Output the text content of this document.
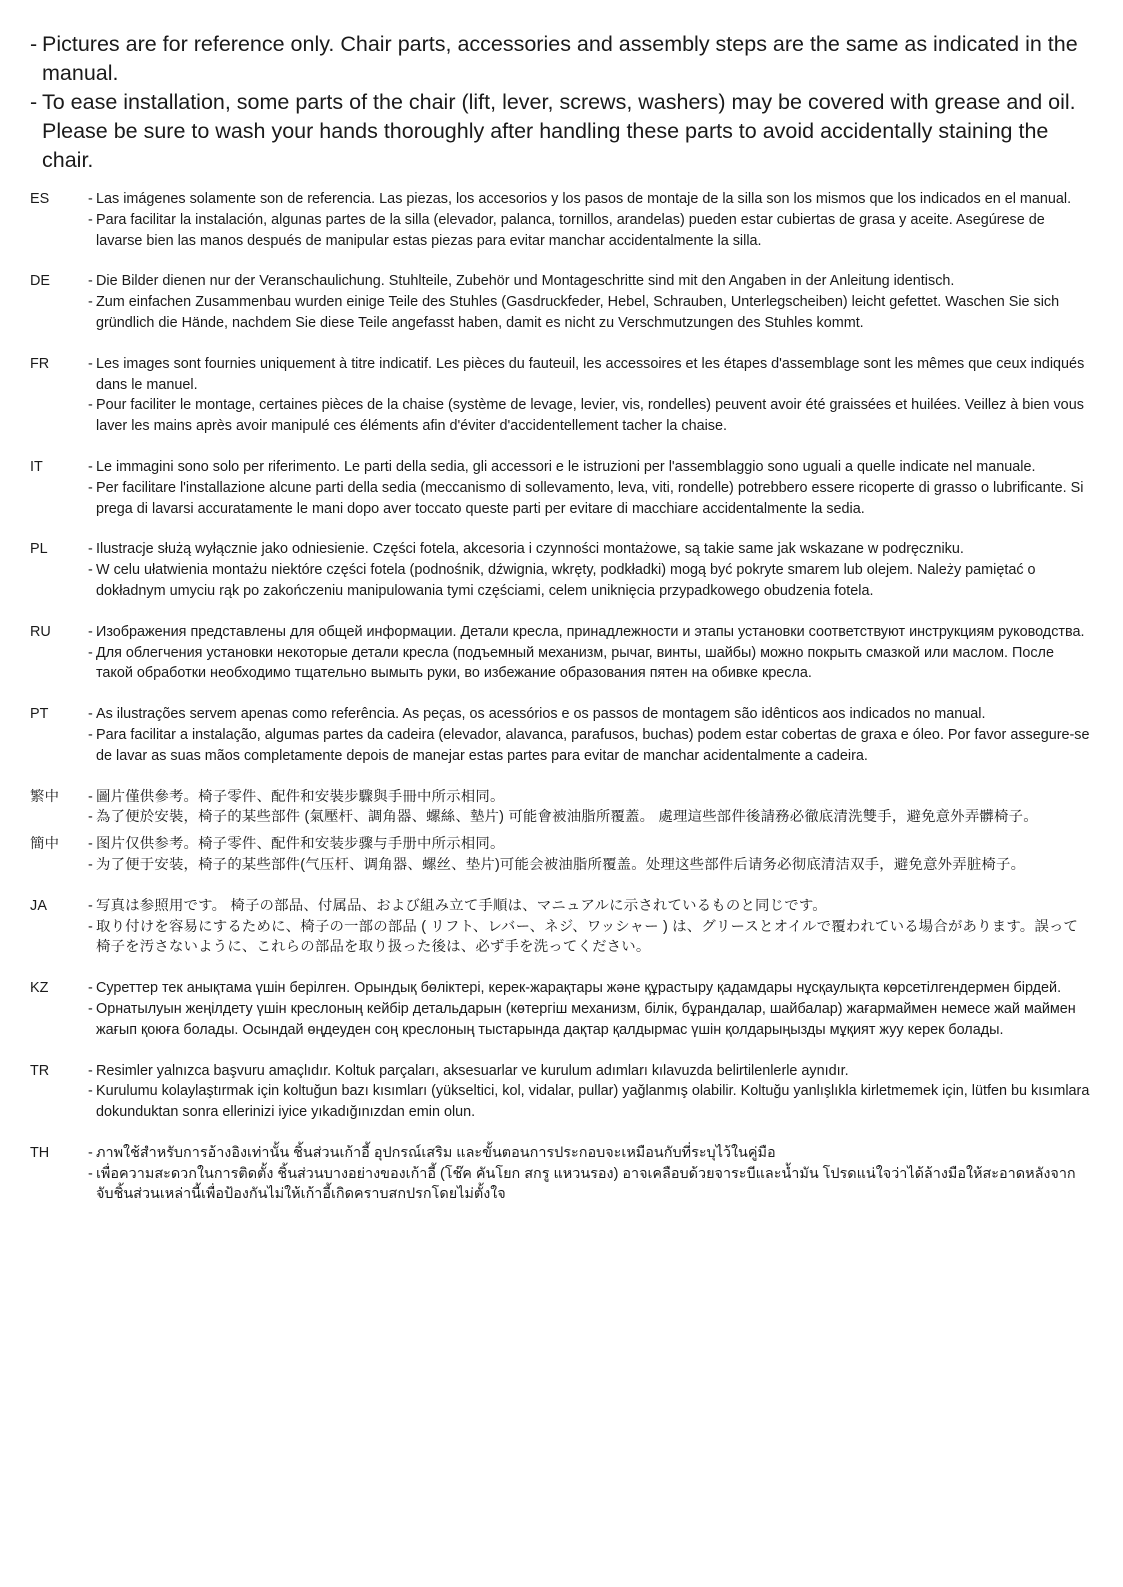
- Pictures are for reference only. Chair parts, accessories and assembly steps are the same as indicated in the manual.
- To ease installation, some parts of the chair (lift, lever, screws, washers) may be covered with grease and oil. Please be sure to wash your hands thoroughly after handling these parts to avoid accidentally staining the chair.
ES	- Las imágenes solamente son de referencia. Las piezas, los accesorios y los pasos de montaje de la silla son los mismos que los indicados en el manual.
- Para facilitar la instalación, algunas partes de la silla (elevador, palanca, tornillos, arandelas) pueden estar cubiertas de grasa y aceite. Asegúrese de lavarse bien las manos después de manipular estas piezas para evitar manchar accidentalmente la silla.
DE	- Die Bilder dienen nur der Veranschaulichung. Stuhlteile, Zubehör und Montageschritte sind mit den Angaben in der Anleitung identisch.
- Zum einfachen Zusammenbau wurden einige Teile des Stuhles (Gasdruckfeder, Hebel, Schrauben, Unterlegscheiben) leicht gefettet. Waschen Sie sich gründlich die Hände, nachdem Sie diese Teile angefasst haben, damit es nicht zu Verschmutzungen des Stuhles kommt.
FR	- Les images sont fournies uniquement à titre indicatif. Les pièces du fauteuil, les accessoires et les étapes d'assemblage sont les mêmes que ceux indiqués dans le manuel.
- Pour faciliter le montage, certaines pièces de la chaise (système de levage, levier, vis, rondelles) peuvent avoir été graissées et huilées. Veillez à bien vous laver les mains après avoir manipulé ces éléments afin d'éviter d'accidentellement tacher la chaise.
IT	- Le immagini sono solo per riferimento. Le parti della sedia, gli accessori e le istruzioni per l'assemblaggio sono uguali a quelle indicate nel manuale.
- Per facilitare l'installazione alcune parti della sedia (meccanismo di sollevamento, leva, viti, rondelle) potrebbero essere ricoperte di grasso o lubrificante. Si prega di lavarsi accuratamente le mani dopo aver toccato queste parti per evitare di macchiare accidentalmente la sedia.
PL	- Ilustracje służą wyłącznie jako odniesienie. Części fotela, akcesoria i czynności montażowe, są takie same jak wskazane w podręczniku.
- W celu ułatwienia montażu niektóre części fotela (podnośnik, dźwignia, wkręty, podkładki) mogą być pokryte smarem lub olejem. Należy pamiętać o dokładnym umyciu rąk po zakończeniu manipulowania tymi częściami, celem uniknięcia przypadkowego obudzenia fotela.
RU	- Изображения представлены для общей информации. Детали кресла, принадлежности и этапы установки соответствуют инструкциям руководства.
- Для облегчения установки некоторые детали кресла (подъемный механизм, рычаг, винты, шайбы) можно покрыть смазкой или маслом. После такой обработки необходимо тщательно вымыть руки, во избежание образования пятен на обивке кресла.
PT	- As ilustrações servem apenas como referência. As peças, os acessórios e os passos de montagem são idênticos aos indicados no manual.
- Para facilitar a instalação, algumas partes da cadeira (elevador, alavanca, parafusos, buchas) podem estar cobertas de graxa e óleo. Por favor assegure-se de lavar as suas mãos completamente depois de manejar estas partes para evitar de manchar acidentalmente a cadeira.
繁中	- 圖片僅供參考。椅子零件、配件和安裝步驟與手冊中所示相同。
- 為了便於安裝，椅子的某些部件 (氣壓杆、調角器、螺絲、墊片) 可能會被油脂所覆蓋。 處理這些部件後請務必徹底清洗雙手，避免意外弄髒椅子。
簡中	- 图片仅供参考。椅子零件、配件和安装步骤与手册中所示相同。
- 为了便于安装，椅子的某些部件(气压杆、调角器、螺丝、垫片)可能会被油脂所覆盖。处理这些部件后请务必彻底清洁双手，避免意外弄脏椅子。
JA	- 写真は参照用です。 椅子の部品、付属品、および組み立て手順は、マニュアルに示されているものと同じです。
- 取り付けを容易にするために、椅子の一部の部品 ( リフト、レバー、ネジ、ワッシャー ) は、グリースとオイルで覆われている場合があります。誤って椅子を汚さないように、これらの部品を取り扱った後は、必ず手を洗ってください。
KZ	- Суреттер тек анықтама үшін берілген. Орындық бөліктері, керек-жарақтары және құрастыру қадамдары нұсқаулықта көрсетілгендермен бірдей.
- Орнатылуын жеңілдету үшін креслоның кейбір детальдарын (көтергіш механизм, білік, бұрандалар, шайбалар) жағармаймен немесе жай маймен жағып қоюға болады. Осындай өңдеуден соң креслоның тыстарында дақтар қалдырмас үшін қолдарыңызды мұқият жуу керек болады.
TR	- Resimler yalnızca başvuru amaçlıdır. Koltuk parçaları, aksesuarlar ve kurulum adımları kılavuzda belirtilenlerle aynıdır.
- Kurulumu kolaylaştırmak için koltuğun bazı kısımları (yükseltici, kol, vidalar, pullar) yağlanmış olabilir. Koltuğu yanlışlıkla kirletmemek için, lütfen bu kısımlara dokunduktan sonra ellerinizi iyice yıkadığınızdan emin olun.
TH	- ภาพใช้สำหรับการอ้างอิงเท่านั้น ชิ้นส่วนเก้าอี้ อุปกรณ์เสริม และขั้นตอนการประกอบจะเหมือนกับที่ระบุไว้ในคู่มือ
- เพื่อความสะดวกในการติดตั้ง ชิ้นส่วนบางอย่างของเก้าอี้ (โช๊ค คันโยก สกรู แหวนรอง) อาจเคลือบด้วยจาระบีและน้ำมัน โปรดแน่ใจว่าได้ล้างมือให้สะอาดหลังจากจับชิ้นส่วนเหล่านี้เพื่อป้องกันไม่ให้เก้าอี้เกิดคราบสกปรกโดยไม่ตั้งใจ
